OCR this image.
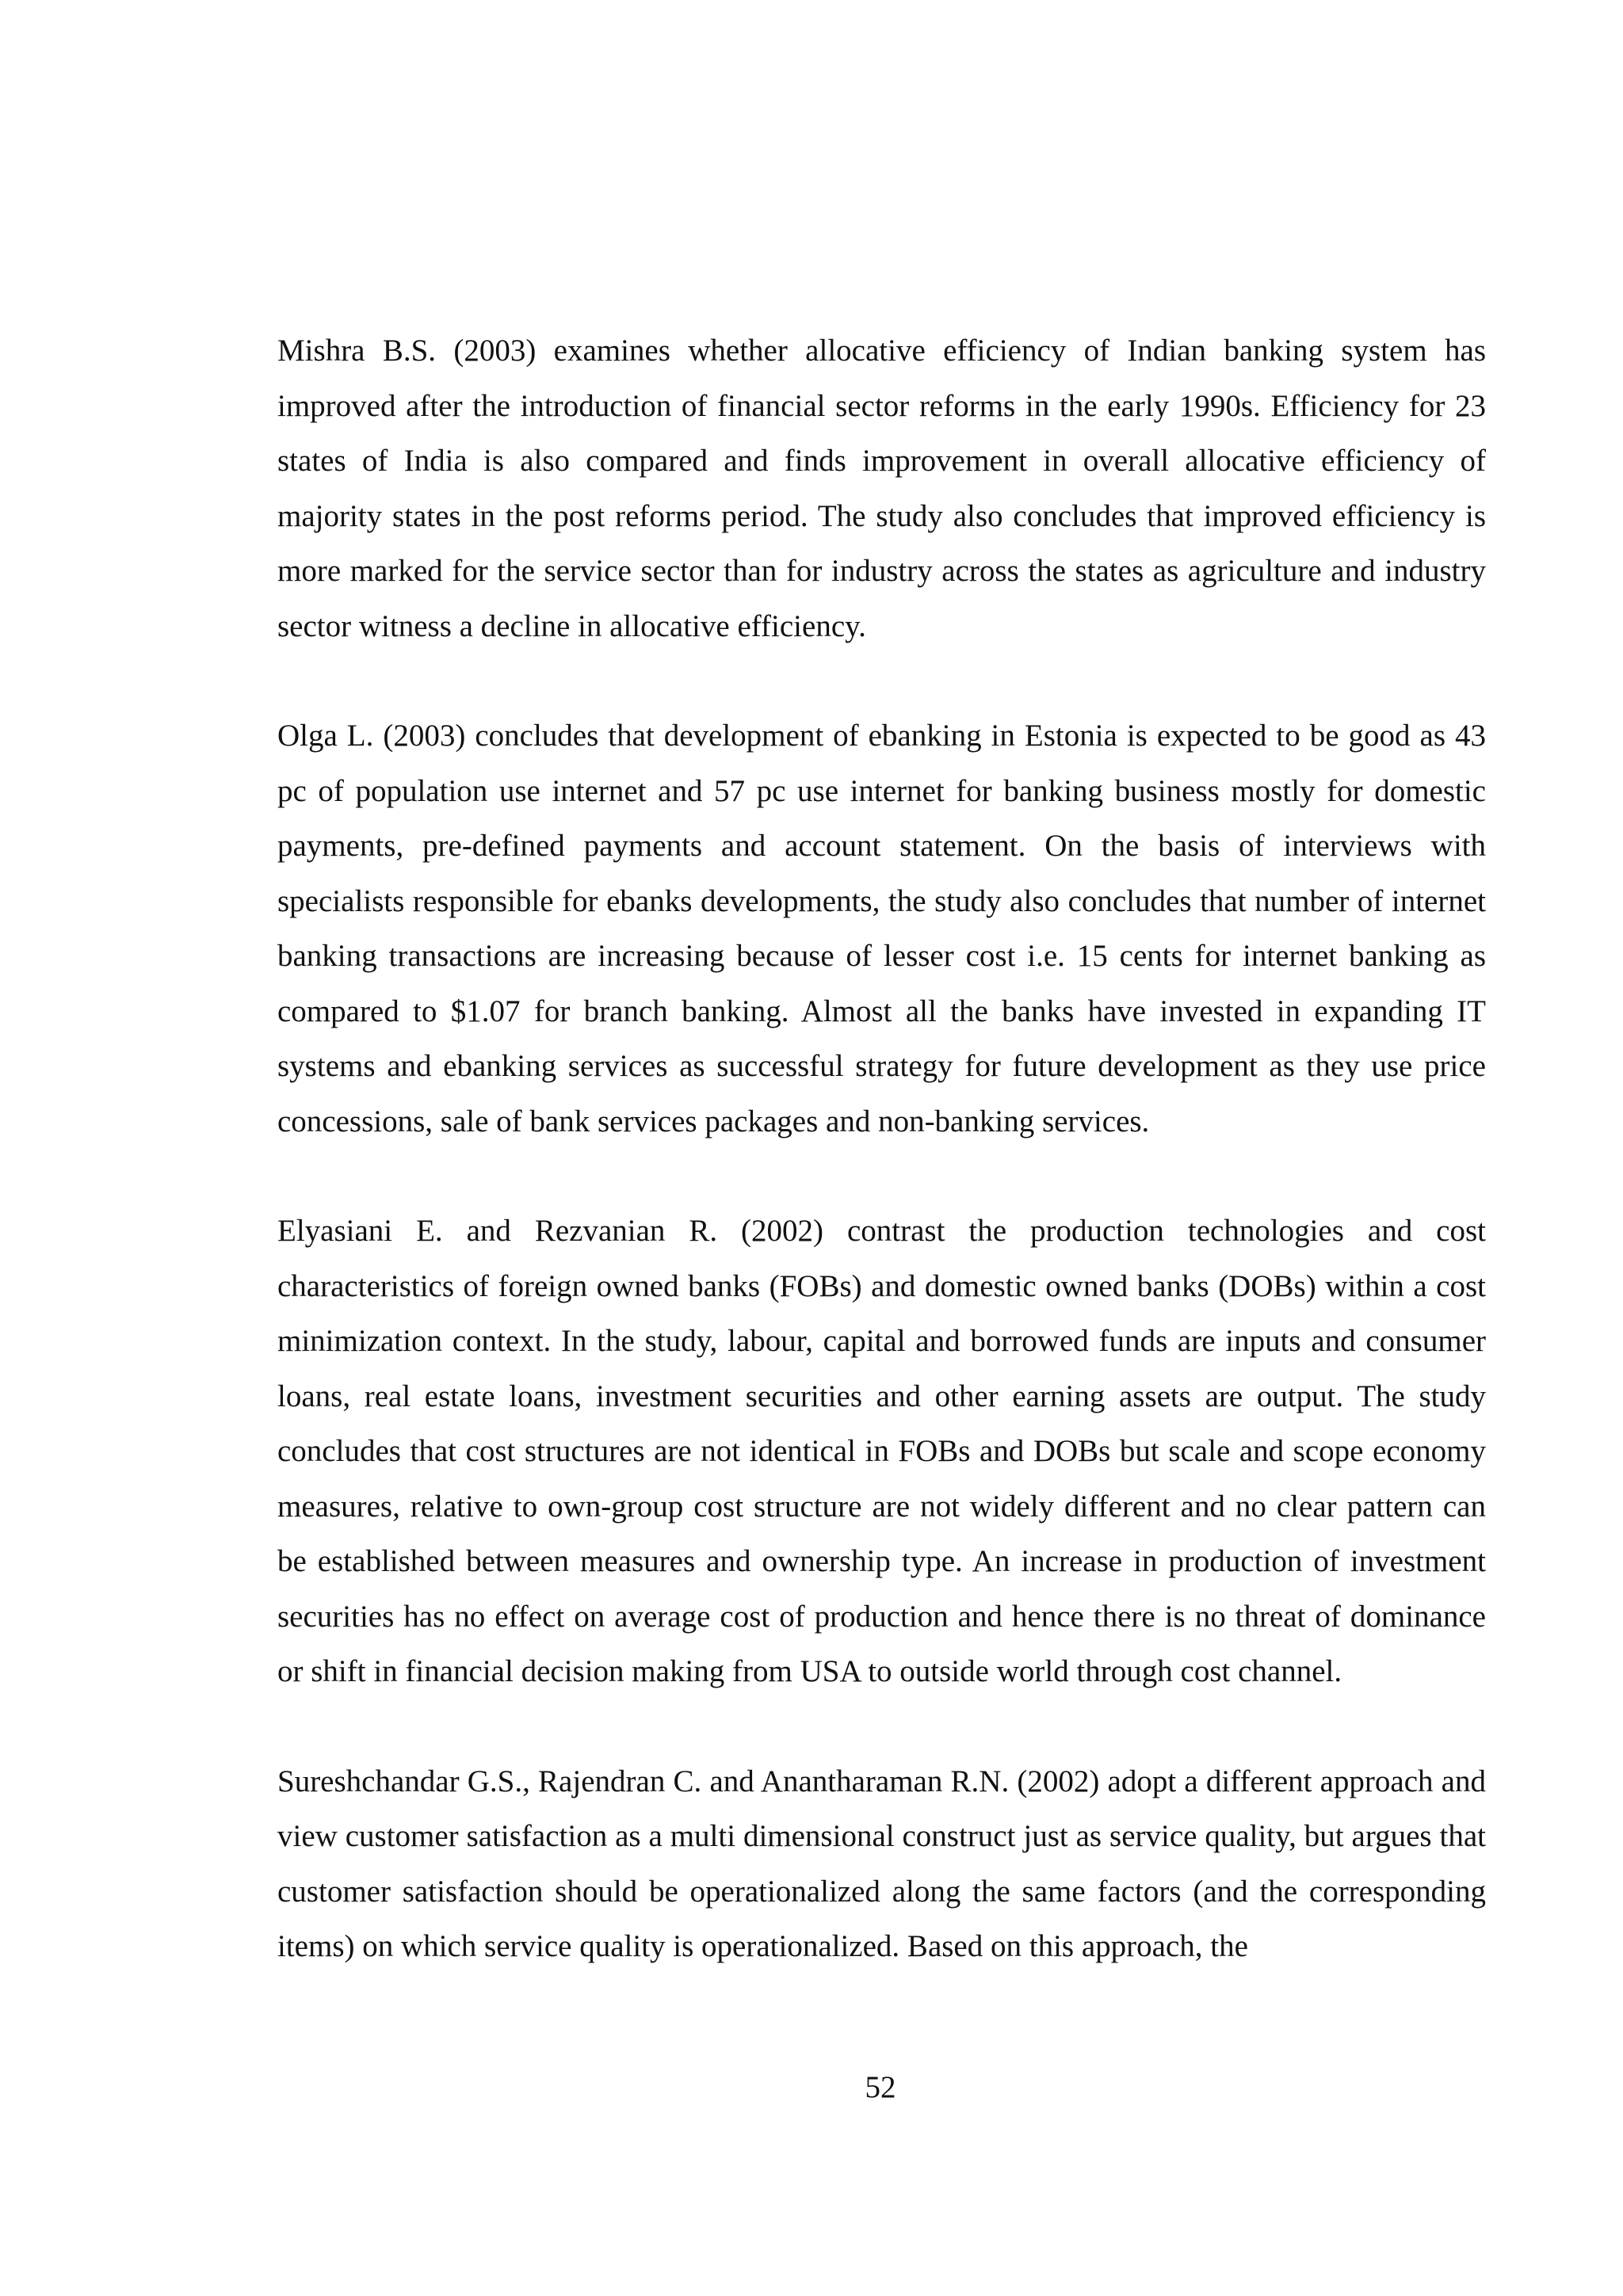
Mishra B.S. (2003) examines whether allocative efficiency of Indian banking system has improved after the introduction of financial sector reforms in the early 1990s. Efficiency for 23 states of India is also compared and finds improvement in overall allocative efficiency of majority states in the post reforms period. The study also concludes that improved efficiency is more marked for the service sector than for industry across the states as agriculture and industry sector witness a decline in allocative efficiency.

Olga L. (2003) concludes that development of ebanking in Estonia is expected to be good as 43 pc of population use internet and 57 pc use internet for banking business mostly for domestic payments, pre-defined payments and account statement. On the basis of interviews with specialists responsible for ebanks developments, the study also concludes that number of internet banking transactions are increasing because of lesser cost i.e. 15 cents for internet banking as compared to $1.07 for branch banking. Almost all the banks have invested in expanding IT systems and ebanking services as successful strategy for future development as they use price concessions, sale of bank services packages and non-banking services.

Elyasiani E. and Rezvanian R. (2002) contrast the production technologies and cost characteristics of foreign owned banks (FOBs) and domestic owned banks (DOBs) within a cost minimization context. In the study, labour, capital and borrowed funds are inputs and consumer loans, real estate loans, investment securities and other earning assets are output. The study concludes that cost structures are not identical in FOBs and DOBs but scale and scope economy measures, relative to own-group cost structure are not widely different and no clear pattern can be established between measures and ownership type. An increase in production of investment securities has no effect on average cost of production and hence there is no threat of dominance or shift in financial decision making from USA to outside world through cost channel.

Sureshchandar G.S., Rajendran C. and Anantharaman R.N. (2002) adopt a different approach and view customer satisfaction as a multi dimensional construct just as service quality, but argues that customer satisfaction should be operationalized along the same factors (and the corresponding items) on which service quality is operationalized. Based on this approach, the

52
